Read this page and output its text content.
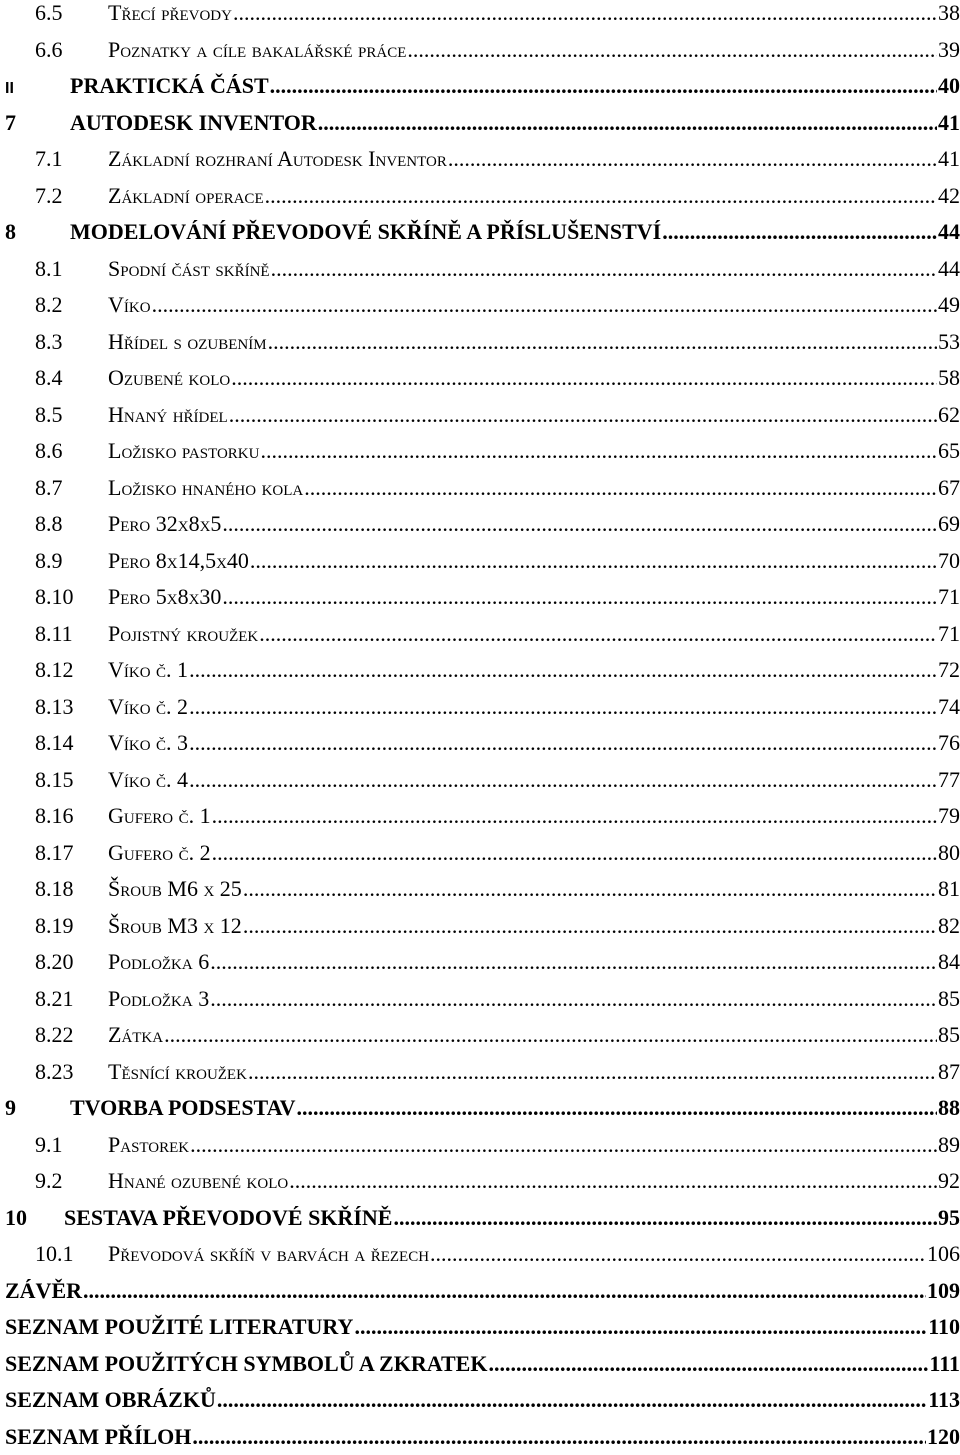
6.5	Třecí převody .....	38
6.6	Poznatky a cíle bakalářské práce .....	39
II	PRAKTICKÁ ČÁST .....	40
7	AUTODESK INVENTOR .....	41
7.1	Základní rozhraní Autodesk Inventor .....	41
7.2	Základní operace .....	42
8	MODELOVÁNÍ PŘEVODOVÉ SKŘÍNĚ A PŘÍSLUŠENSTVÍ .....	44
8.1	Spodní část skříně .....	44
8.2	Víko .....	49
8.3	Hřídel s ozubením .....	53
8.4	Ozubené kolo .....	58
8.5	Hnaný hřídel .....	62
8.6	Ložisko pastorku .....	65
8.7	Ložisko hnaného kola .....	67
8.8	Pero 32x8x5 .....	69
8.9	Pero 8x14,5x40 .....	70
8.10	Pero 5x8x30 .....	71
8.11	Pojistný kroužek .....	71
8.12	Víko č. 1 .....	72
8.13	Víko č. 2 .....	74
8.14	Víko č. 3 .....	76
8.15	Víko č. 4 .....	77
8.16	Gufero č. 1 .....	79
8.17	Gufero č. 2 .....	80
8.18	Šroub M6 x 25 .....	81
8.19	Šroub M3 x 12 .....	82
8.20	Podložka 6 .....	84
8.21	Podložka 3 .....	85
8.22	Zátka .....	85
8.23	Těsnící kroužek .....	87
9	TVORBA PODSESTAV .....	88
9.1	Pastorek .....	89
9.2	Hnané ozubené kolo .....	92
10	SESTAVA PŘEVODOVÉ SKŘÍNĚ .....	95
10.1	Převodová skříň v barvách a řezech .....	106
ZÁVĚR .....	109
SEZNAM POUŽITÉ LITERATURY .....	110
SEZNAM POUŽITÝCH SYMBOLŮ A ZKRATEK .....	111
SEZNAM OBRÁZKŮ .....	113
SEZNAM PŘÍLOH .....	120
